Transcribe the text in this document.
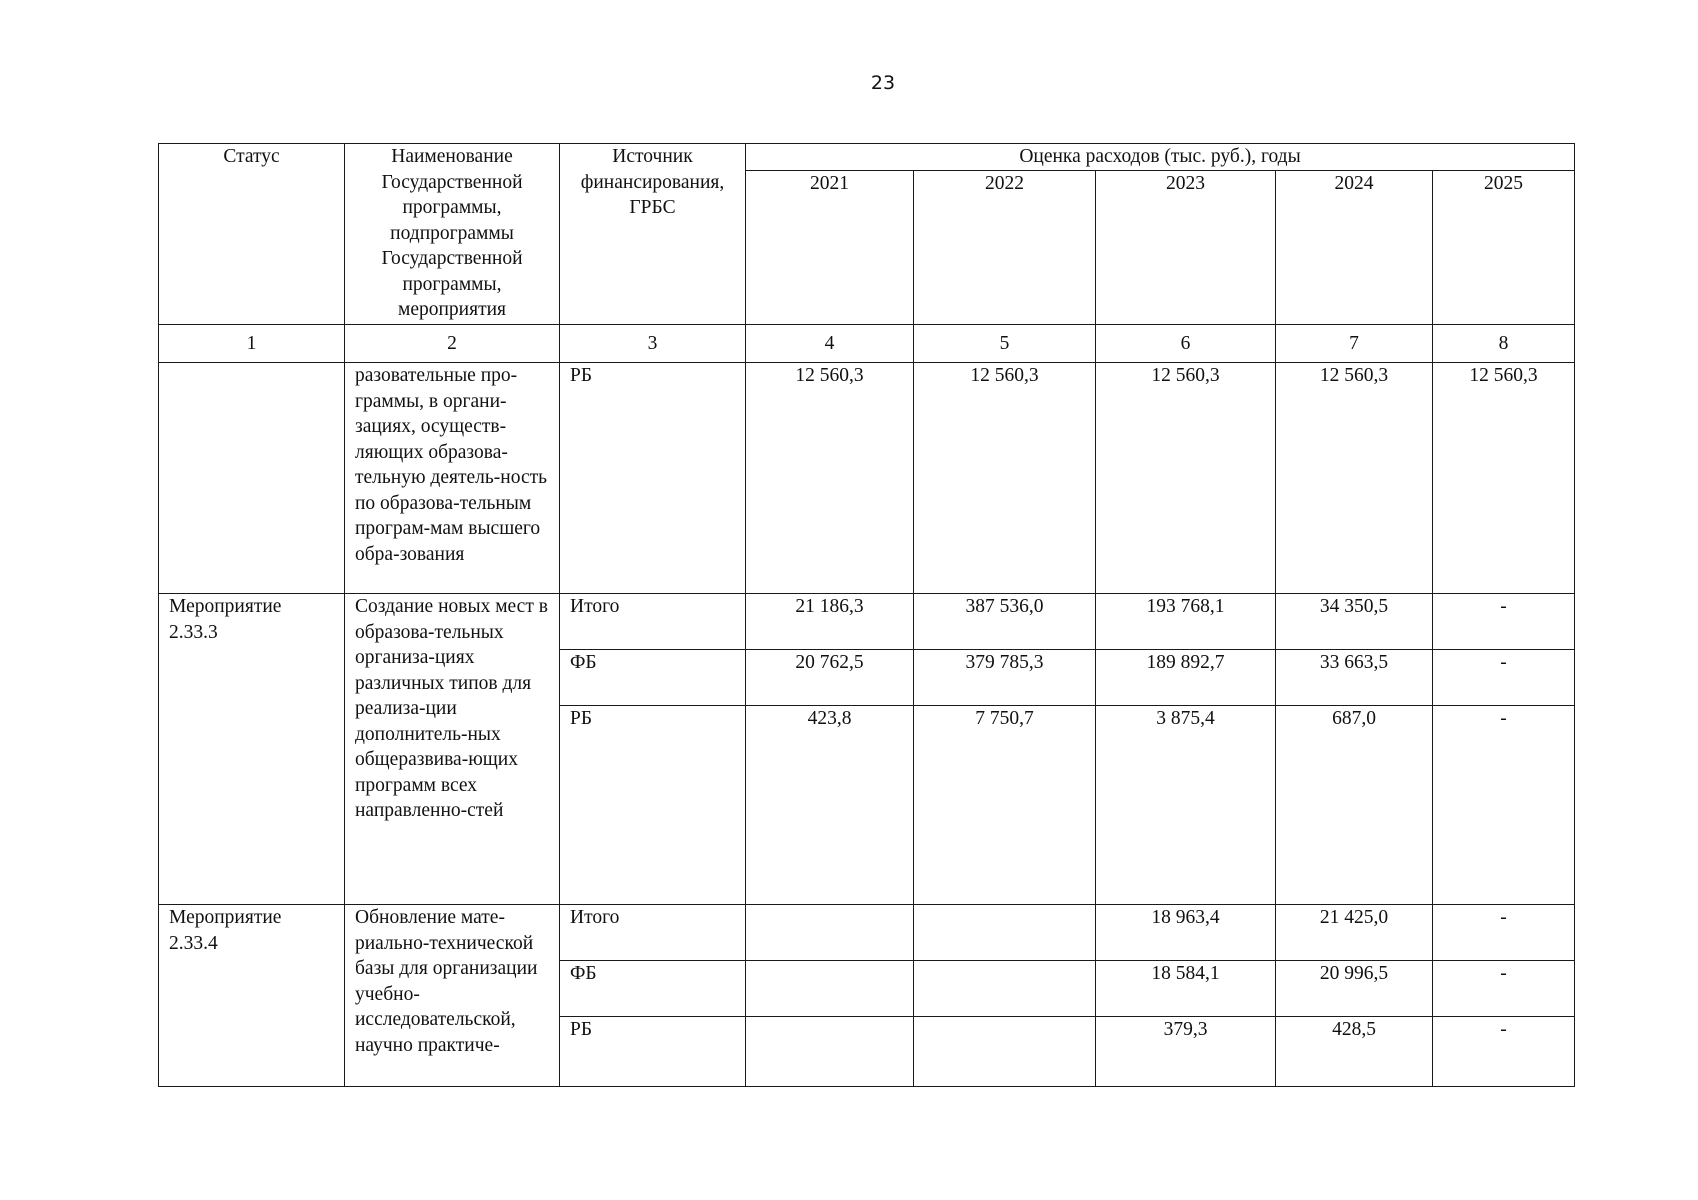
23
Статус	Наименование Государственной программы, подпрограммы Государственной программы, мероприятия	Источник финансирования, ГРБС	Оценка расходов (тыс. руб.), годы				
			2021	2022	2023	2024	2025
1	2	3	4	5	6	7	8
	разовательные про-граммы, в органи-зациях, осуществ-ляющих образова-тельную деятель-ность по образова-тельным програм-мам высшего обра-зования	РБ	12 560,3	12 560,3	12 560,3	12 560,3	12 560,3
Мероприятие 2.33.3	Создание новых мест в образова-тельных организа-циях различных типов для реализа-ции дополнитель-ных общеразвива-ющих программ всех направленно-стей	Итого	21 186,3	387 536,0	193 768,1	34 350,5	-
		ФБ	20 762,5	379 785,3	189 892,7	33 663,5	-
		РБ	423,8	7 750,7	3 875,4	687,0	-
Мероприятие 2.33.4	Обновление мате-риально-технической базы для организации учебно-исследовательской, научно практиче-	Итого			18 963,4	21 425,0	-
		ФБ			18 584,1	20 996,5	-
		РБ			379,3	428,5	-
